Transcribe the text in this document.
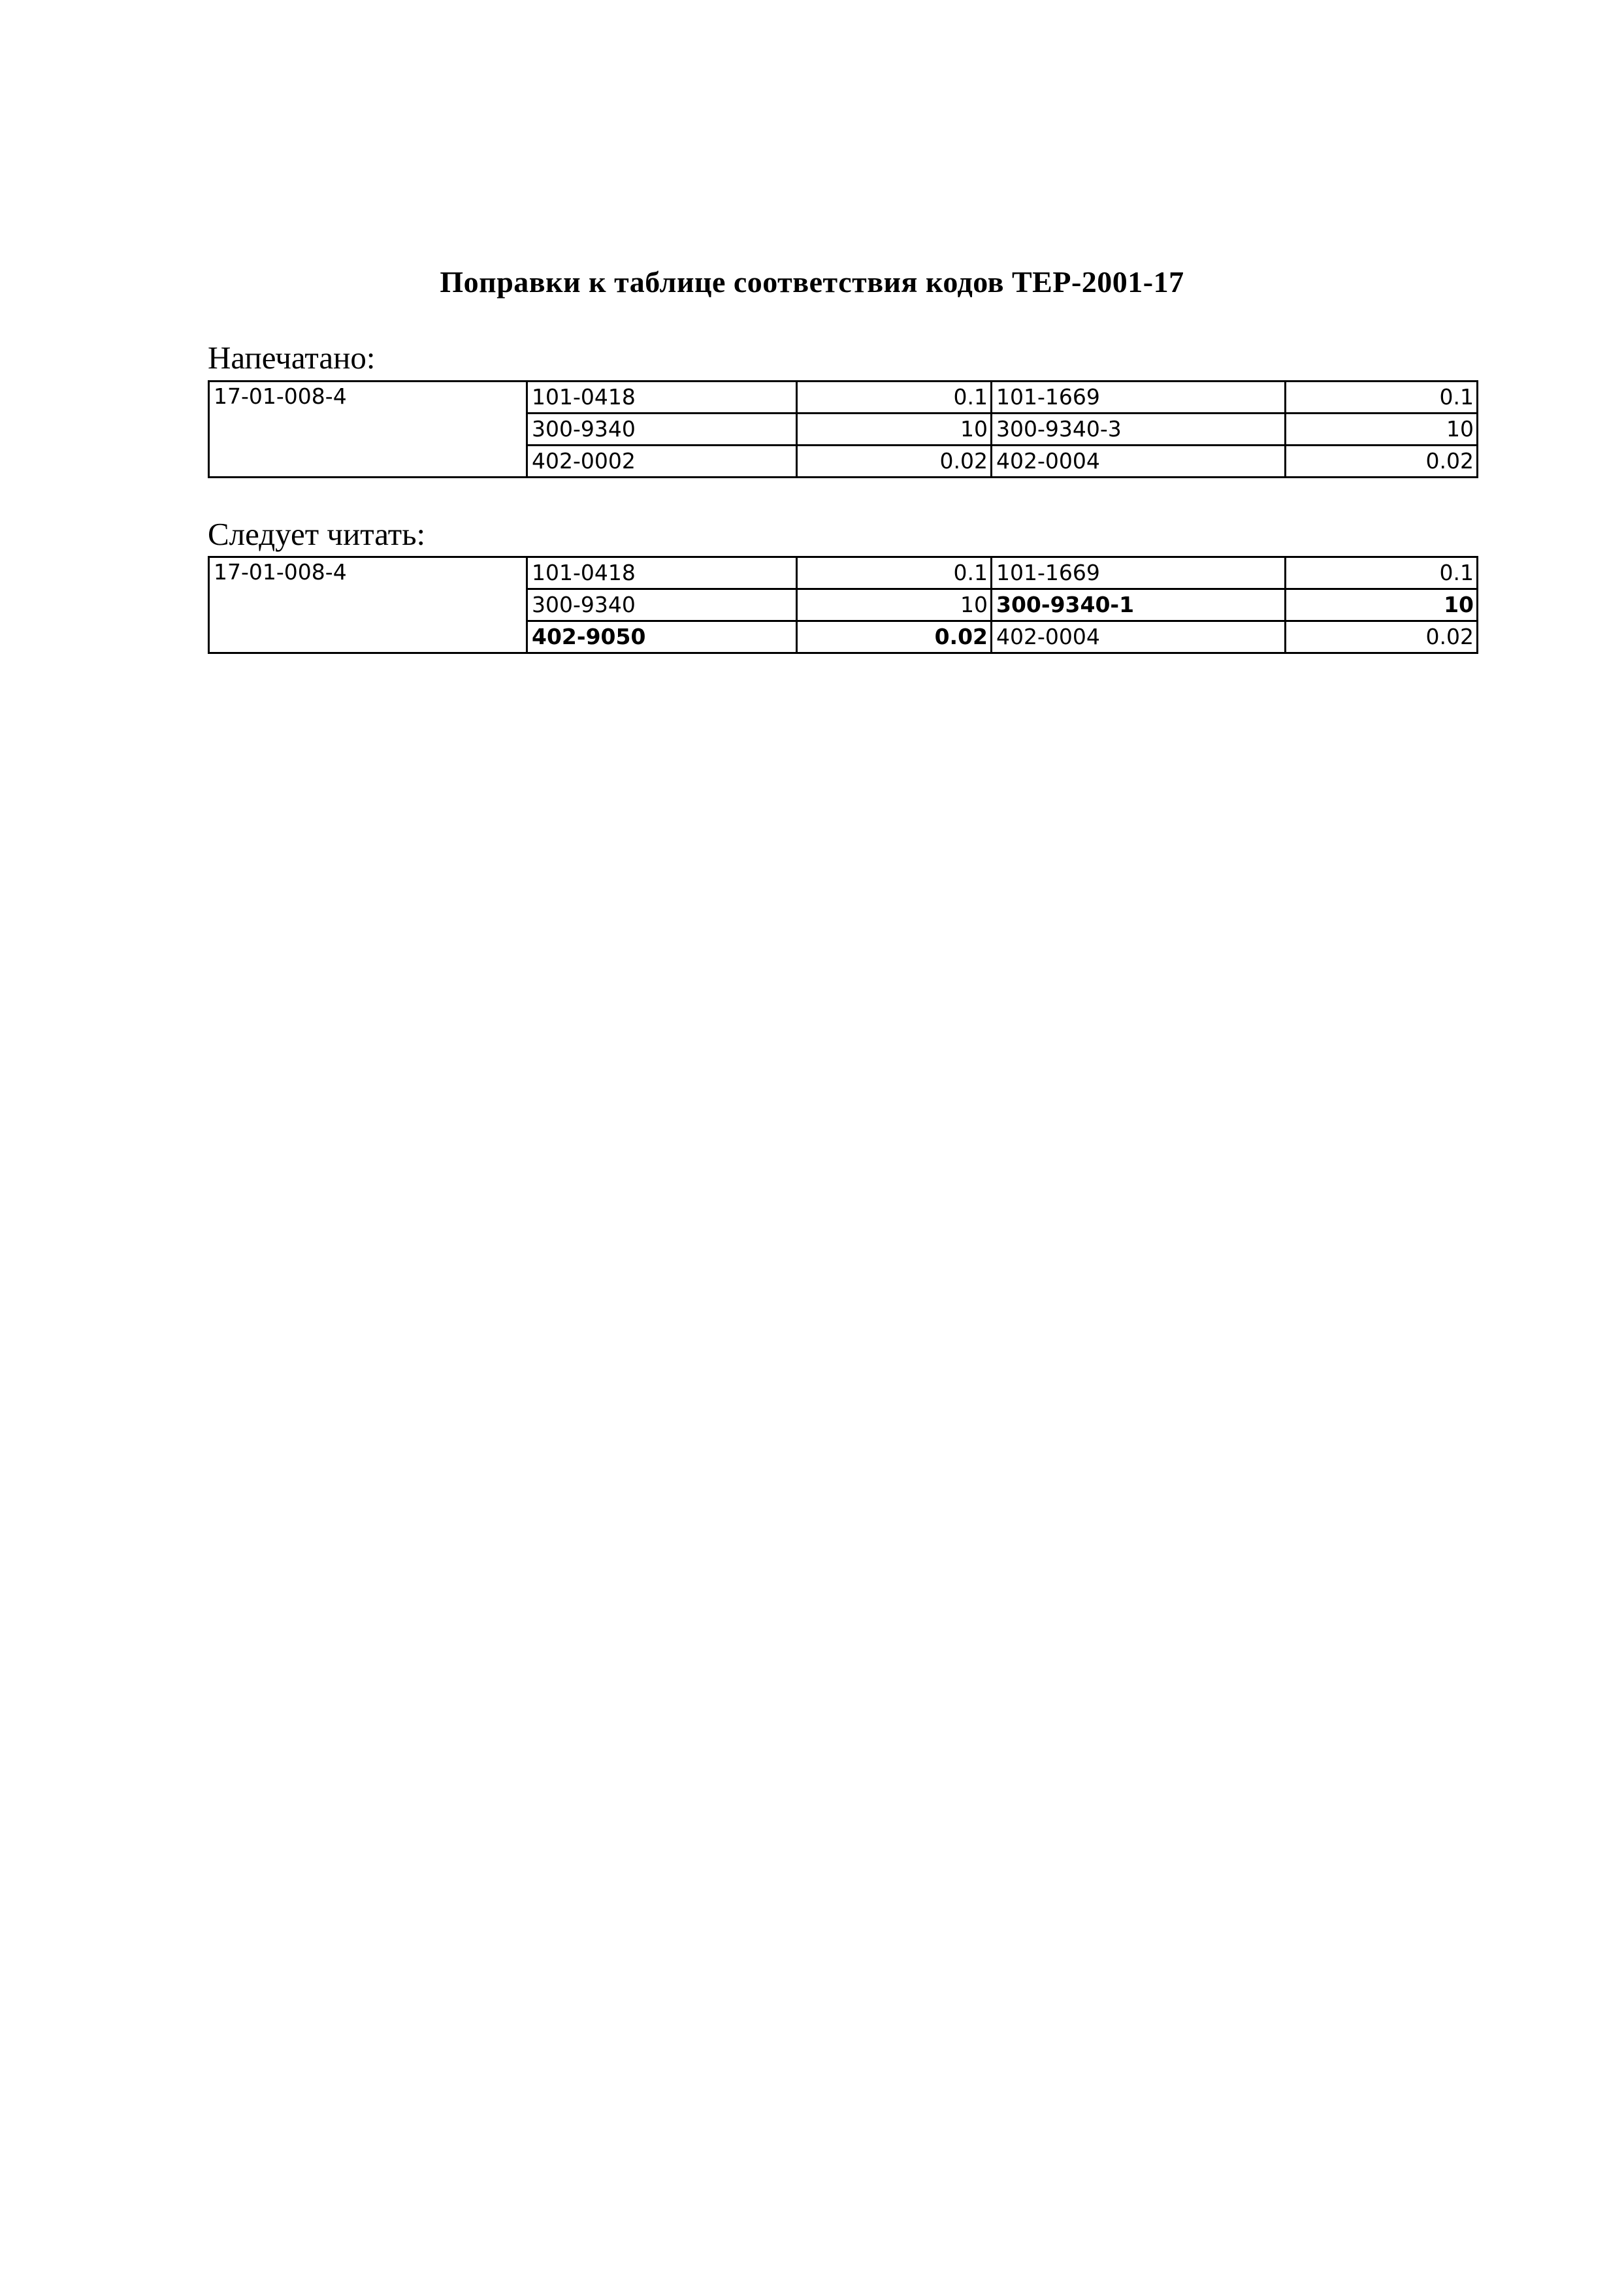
Поправки к таблице соответствия кодов ТЕР-2001-17
Напечатано:
17-01-008-4	101-0418	0.1	101-1669	0.1
	300-9340	10	300-9340-3	10
	402-0002	0.02	402-0004	0.02
Следует читать:
17-01-008-4	101-0418	0.1	101-1669	0.1
	300-9340	10	300-9340-1	10
	402-9050	0.02	402-0004	0.02
